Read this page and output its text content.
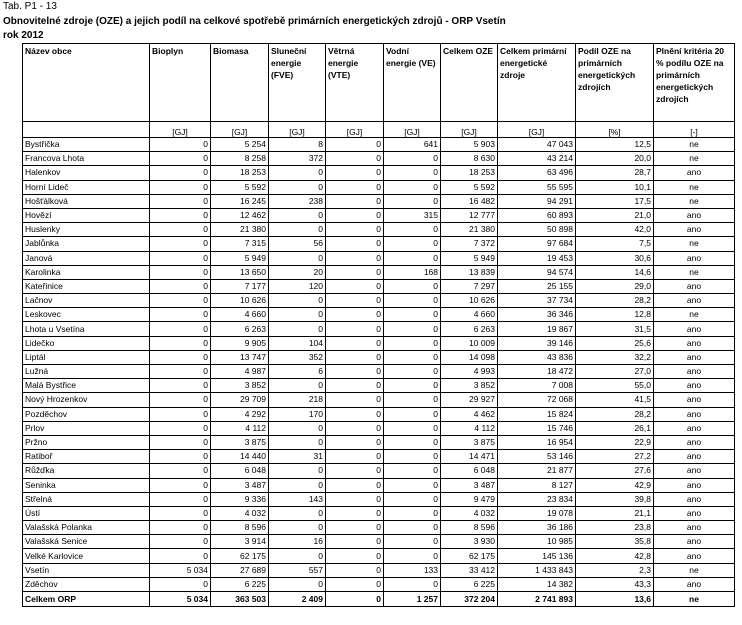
Tab. P1 - 13
Obnovitelné zdroje (OZE) a jejich podíl na celkové spotřebě primárních energetických zdrojů - ORP Vsetín
rok 2012
Název obce	Bioplyn	Biomasa	Sluneční energie (FVE)	Větrná energie (VTE)	Vodní energie (VE)	Celkem OZE	Celkem primární energetické zdroje	Podíl OZE na primárních energetických zdrojích	Plnění kritéria 20 % podílu OZE na primárních energetických zdrojích
	[GJ]	[GJ]	[GJ]	[GJ]	[GJ]	[GJ]	[GJ]	[%]	[-]
Bystřička	0	5 254	8	0	641	5 903	47 043	12,5	ne
Francova Lhota	0	8 258	372	0	0	8 630	43 214	20,0	ne
Halenkov	0	18 253	0	0	0	18 253	63 496	28,7	ano
Horní Lideč	0	5 592	0	0	0	5 592	55 595	10,1	ne
Hošťálková	0	16 245	238	0	0	16 482	94 291	17,5	ne
Hovězí	0	12 462	0	0	315	12 777	60 893	21,0	ano
Huslenky	0	21 380	0	0	0	21 380	50 898	42,0	ano
Jablůnka	0	7 315	56	0	0	7 372	97 684	7,5	ne
Janová	0	5 949	0	0	0	5 949	19 453	30,6	ano
Karolinka	0	13 650	20	0	168	13 839	94 574	14,6	ne
Kateřinice	0	7 177	120	0	0	7 297	25 155	29,0	ano
Lačnov	0	10 626	0	0	0	10 626	37 734	28,2	ano
Leskovec	0	4 660	0	0	0	4 660	36 346	12,8	ne
Lhota u Vsetína	0	6 263	0	0	0	6 263	19 867	31,5	ano
Lidečko	0	9 905	104	0	0	10 009	39 146	25,6	ano
Liptál	0	13 747	352	0	0	14 098	43 836	32,2	ano
Lužná	0	4 987	6	0	0	4 993	18 472	27,0	ano
Malá Bystřice	0	3 852	0	0	0	3 852	7 008	55,0	ano
Nový Hrozenkov	0	29 709	218	0	0	29 927	72 068	41,5	ano
Pozděchov	0	4 292	170	0	0	4 462	15 824	28,2	ano
Prlov	0	4 112	0	0	0	4 112	15 746	26,1	ano
Pržno	0	3 875	0	0	0	3 875	16 954	22,9	ano
Ratiboř	0	14 440	31	0	0	14 471	53 146	27,2	ano
Růžďka	0	6 048	0	0	0	6 048	21 877	27,6	ano
Seninka	0	3 487	0	0	0	3 487	8 127	42,9	ano
Střelná	0	9 336	143	0	0	9 479	23 834	39,8	ano
Ústí	0	4 032	0	0	0	4 032	19 078	21,1	ano
Valašská Polanka	0	8 596	0	0	0	8 596	36 186	23,8	ano
Valašská Senice	0	3 914	16	0	0	3 930	10 985	35,8	ano
Velké Karlovice	0	62 175	0	0	0	62 175	145 136	42,8	ano
Vsetín	5 034	27 689	557	0	133	33 412	1 433 843	2,3	ne
Zděchov	0	6 225	0	0	0	6 225	14 382	43,3	ano
Celkem ORP	5 034	363 503	2 409	0	1 257	372 204	2 741 893	13,6	ne
